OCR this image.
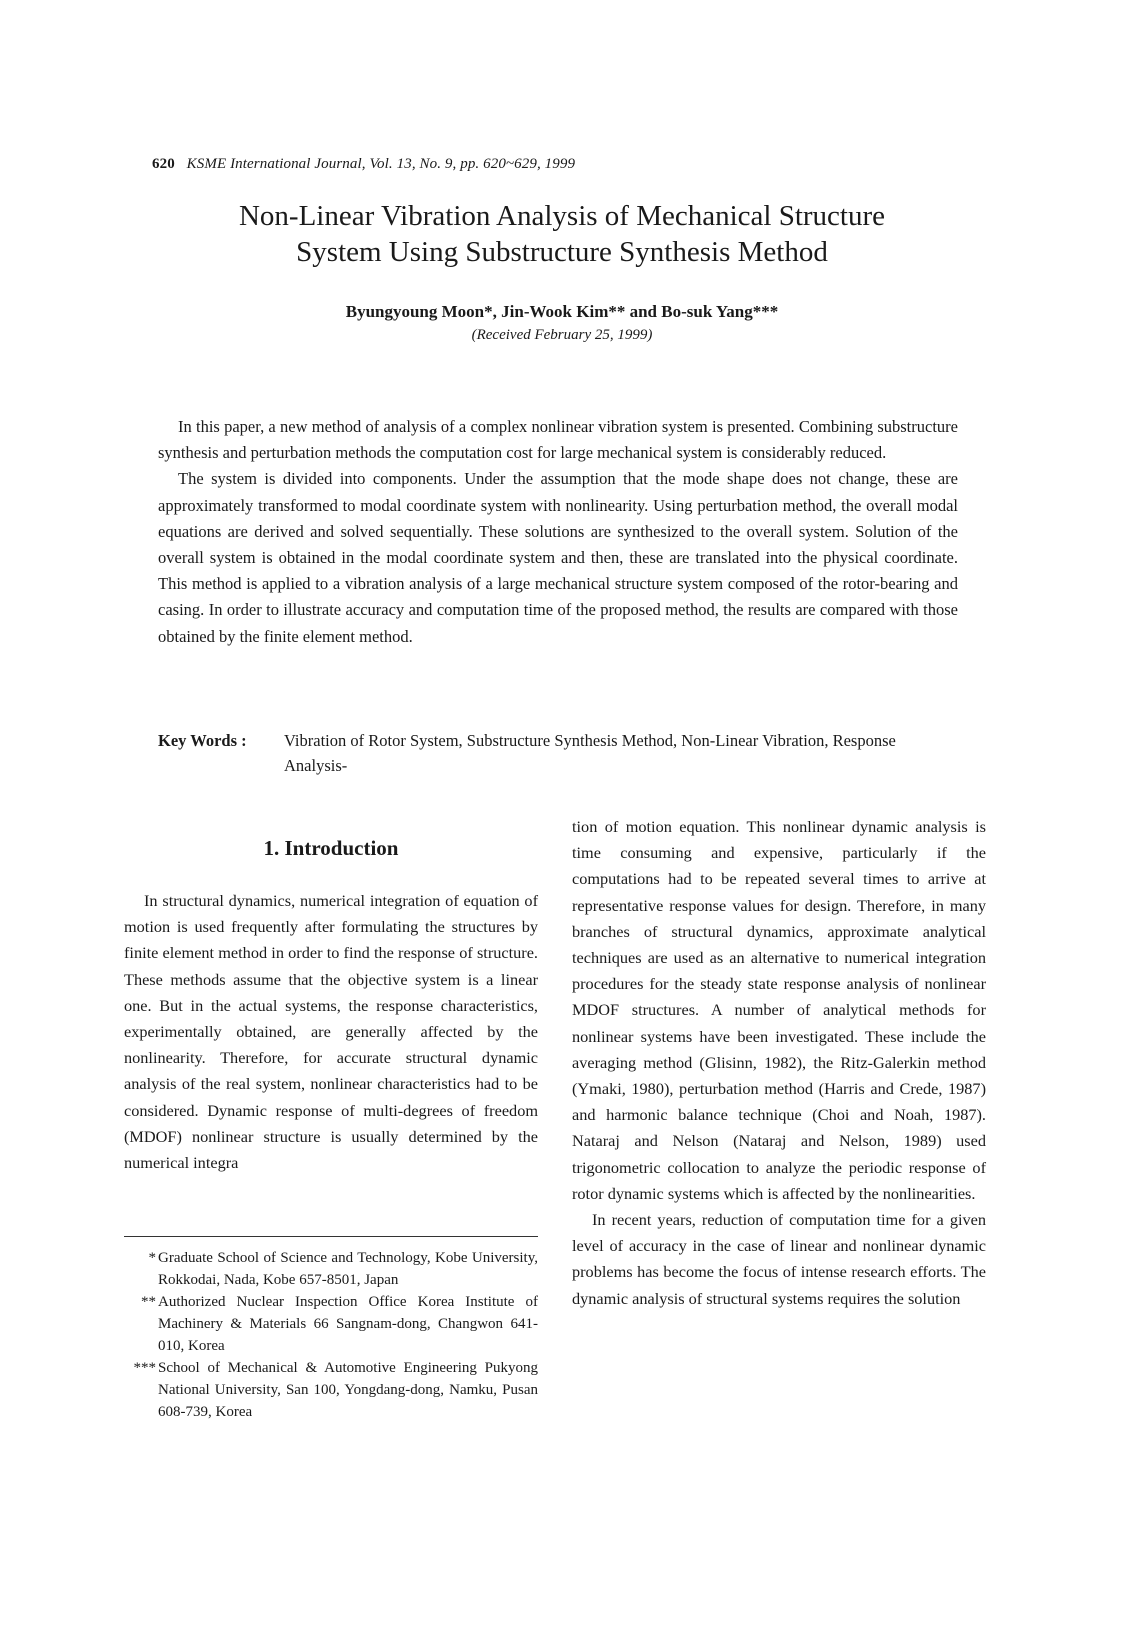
620 KSME International Journal, Vol. 13, No. 9, pp. 620~629, 1999
Non-Linear Vibration Analysis of Mechanical Structure
System Using Substructure Synthesis Method
Byungyoung Moon*, Jin-Wook Kim** and Bo-suk Yang***
(Received February 25, 1999)

In this paper, a new method of analysis of a complex nonlinear vibration system is presented. Combining substructure synthesis and perturbation methods the computation cost for large mechanical system is considerably reduced.

The system is divided into components. Under the assumption that the mode shape does not change, these are approximately transformed to modal coordinate system with nonlinearity. Using perturbation method, the overall modal equations are derived and solved sequentially. These solutions are synthesized to the overall system. Solution of the overall system is obtained in the modal coordinate system and then, these are translated into the physical coordinate. This method is applied to a vibration analysis of a large mechanical structure system composed of the rotor-bearing and casing. In order to illustrate accuracy and computation time of the proposed method, the results are compared with those obtained by the finite element method.

Key Words : Vibration of Rotor System, Substructure Synthesis Method, Non-Linear Vibration, Response Analysis-
1. Introduction

In structural dynamics, numerical integration of equation of motion is used frequently after formulating the structures by finite element method in order to find the response of structure. These methods assume that the objective system is a linear one. But in the actual systems, the response characteristics, experimentally obtained, are generally affected by the nonlinearity. Therefore, for accurate structural dynamic analysis of the real system, nonlinear characteristics had to be considered. Dynamic response of multi-degrees of freedom (MDOF) nonlinear structure is usually determined by the numerical integra

* Graduate School of Science and Technology, Kobe University, Rokkodai, Nada, Kobe 657-8501, Japan
** Authorized Nuclear Inspection Office Korea Institute of Machinery & Materials 66 Sangnam-dong, Changwon 641-010, Korea
*** School of Mechanical & Automotive Engineering Pukyong National University, San 100, Yongdang-dong, Namku, Pusan 608-739, Korea

tion of motion equation. This nonlinear dynamic analysis is time consuming and expensive, particularly if the computations had to be repeated several times to arrive at representative response values for design. Therefore, in many branches of structural dynamics, approximate analytical techniques are used as an alternative to numerical integration procedures for the steady state response analysis of nonlinear MDOF structures. A number of analytical methods for nonlinear systems have been investigated. These include the averaging method (Glisinn, 1982), the Ritz-Galerkin method (Ymaki, 1980), perturbation method (Harris and Crede, 1987) and harmonic balance technique (Choi and Noah, 1987). Nataraj and Nelson (Nataraj and Nelson, 1989) used trigonometric collocation to analyze the periodic response of rotor dynamic systems which is affected by the nonlinearities.

In recent years, reduction of computation time for a given level of accuracy in the case of linear and nonlinear dynamic problems has become the focus of intense research efforts. The dynamic analysis of structural systems requires the solution
